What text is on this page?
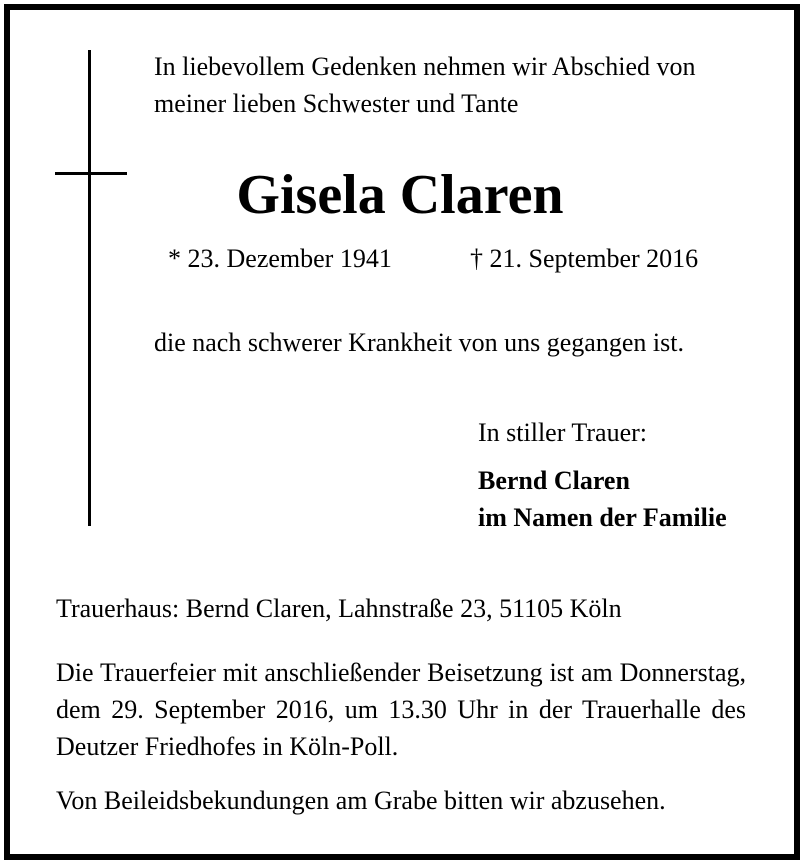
In liebevollem Gedenken nehmen wir Abschied von
meiner lieben Schwester und Tante
Gisela Claren
* 23. Dezember 1941	† 21. September 2016
die nach schwerer Krankheit von uns gegangen ist.
In stiller Trauer:
Bernd Claren
im Namen der Familie
Trauerhaus: Bernd Claren, Lahnstraße 23, 51105 Köln
Die Trauerfeier mit anschließender Beisetzung ist am Donnerstag, dem 29. September 2016, um 13.30 Uhr in der Trauerhalle des Deutzer Friedhofes in Köln-Poll.
Von Beileidsbekundungen am Grabe bitten wir abzusehen.
